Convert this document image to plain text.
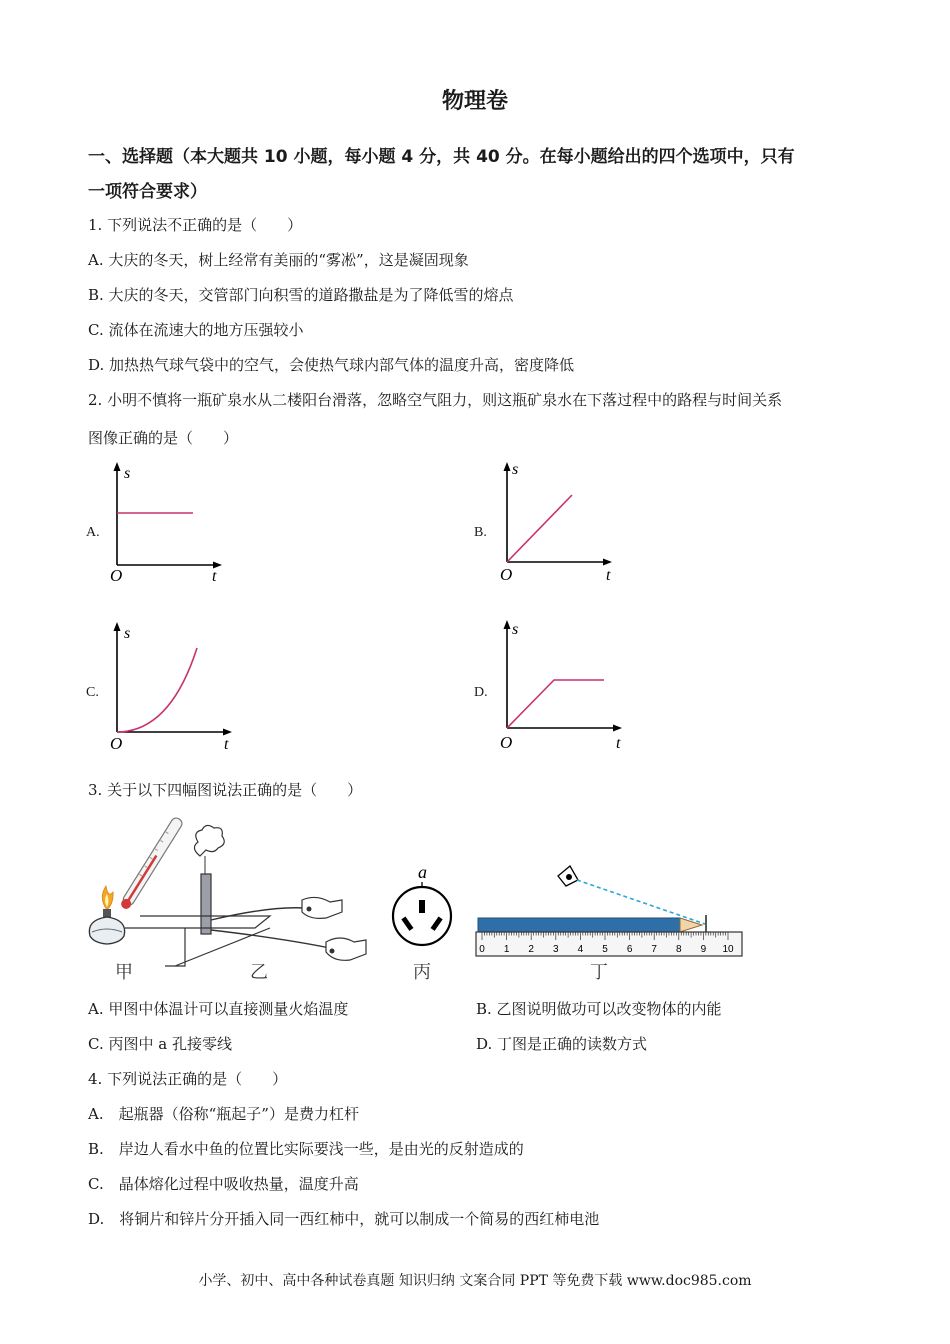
物理卷
一、选择题（本大题共 10 小题，每小题 4 分，共 40 分。在每小题给出的四个选项中，只有
一项符合要求）
1. 下列说法不正确的是（　　）
A. 大庆的冬天，树上经常有美丽的“雾凇”，这是凝固现象
B. 大庆的冬天，交管部门向积雪的道路撒盐是为了降低雪的熔点
C. 流体在流速大的地方压强较小
D. 加热热气球气袋中的空气，会使热气球内部气体的温度升高，密度降低
2. 小明不慎将一瓶矿泉水从二楼阳台滑落，忽略空气阻力，则这瓶矿泉水在下落过程中的路程与时间关系
图像正确的是（　　）
A.
s
O	t
B.
s
O	t
C.
s
O	t
D.
s
O	t
3. 关于以下四幅图说法正确的是（　　）
a
0 1 2 3 4 5 6 7 8 9 10
甲	乙	丙	丁
A. 甲图中体温计可以直接测量火焰温度	B. 乙图说明做功可以改变物体的内能
C. 丙图中 a 孔接零线	D. 丁图是正确的读数方式
4. 下列说法正确的是（　　）
A.　起瓶器（俗称“瓶起子”）是费力杠杆
B.　岸边人看水中鱼的位置比实际要浅一些，是由光的反射造成的
C.　晶体熔化过程中吸收热量，温度升高
D.　将铜片和锌片分开插入同一西红柿中，就可以制成一个简易的西红柿电池
小学、初中、高中各种试卷真题 知识归纳 文案合同 PPT 等免费下载 www.doc985.com
